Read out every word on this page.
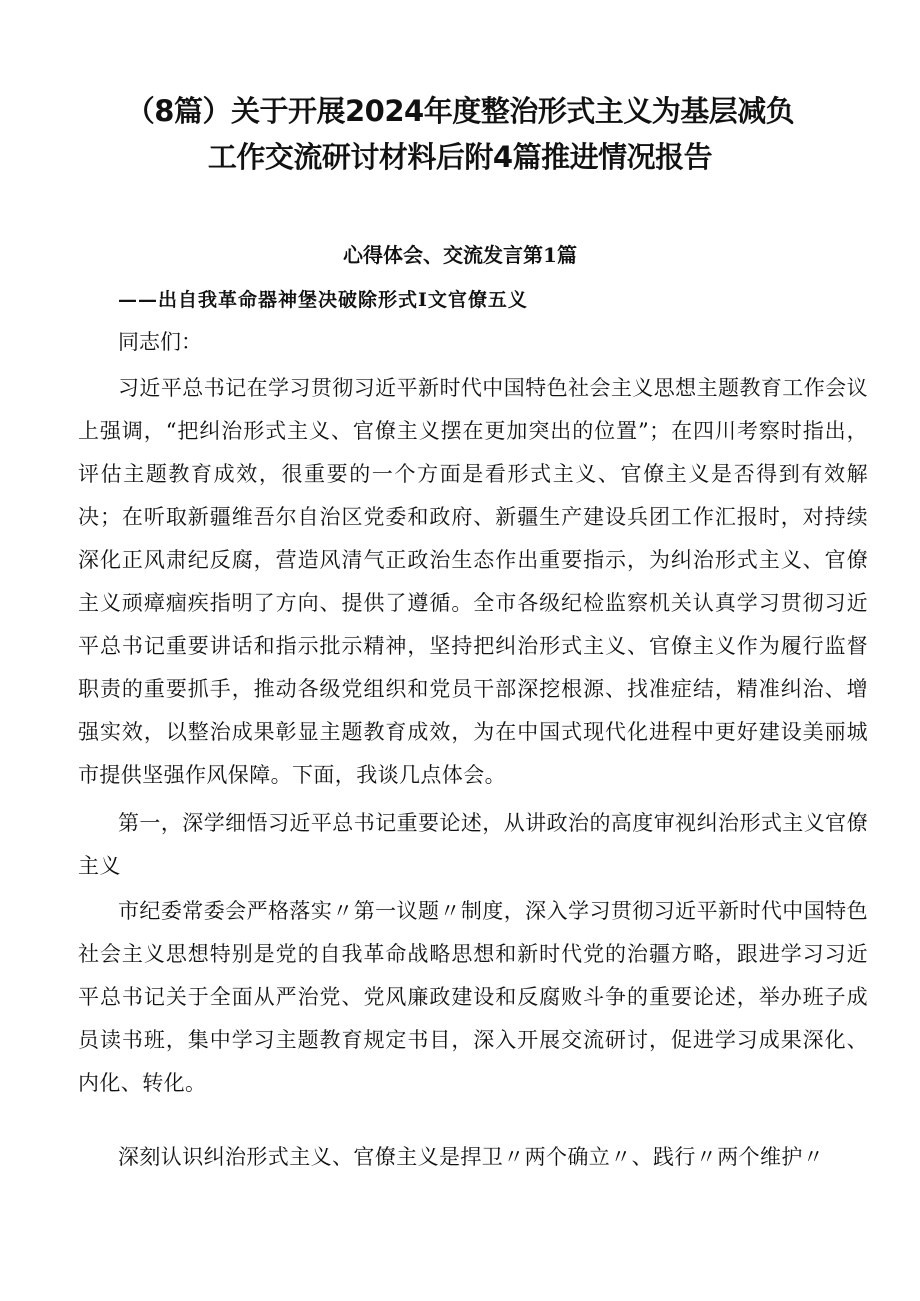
（8篇）关于开展2024年度整治形式主义为基层减负
工作交流研讨材料后附4篇推进情况报告
心得体会、交流发言第1篇

——出自我革命器神堡决破除形式Ⅰ文官僚五义

同志们：

习近平总书记在学习贯彻习近平新时代中国特色社会主义思想主题教育工作会议上强调，“把纠治形式主义、官僚主义摆在更加突出的位置”；在四川考察时指出，评估主题教育成效，很重要的一个方面是看形式主义、官僚主义是否得到有效解决；在听取新疆维吾尔自治区党委和政府、新疆生产建设兵团工作汇报时，对持续深化正风肃纪反腐，营造风清气正政治生态作出重要指示，为纠治形式主义、官僚主义顽瘴痼疾指明了方向、提供了遵循。全市各级纪检监察机关认真学习贯彻习近平总书记重要讲话和指示批示精神，坚持把纠治形式主义、官僚主义作为履行监督职责的重要抓手，推动各级党组织和党员干部深挖根源、找准症结，精准纠治、增强实效，以整治成果彰显主题教育成效，为在中国式现代化进程中更好建设美丽城市提供坚强作风保障。下面，我谈几点体会。

第一，深学细悟习近平总书记重要论述，从讲政治的高度审视纠治形式主义官僚主义

市纪委常委会严格落实〃第一议题〃制度，深入学习贯彻习近平新时代中国特色社会主义思想特别是党的自我革命战略思想和新时代党的治疆方略，跟进学习习近平总书记关于全面从严治党、党风廉政建设和反腐败斗争的重要论述，举办班子成员读书班，集中学习主题教育规定书目，深入开展交流研讨，促进学习成果深化、内化、转化。

深刻认识纠治形式主义、官僚主义是捍卫〃两个确立〃、践行〃两个维护〃
